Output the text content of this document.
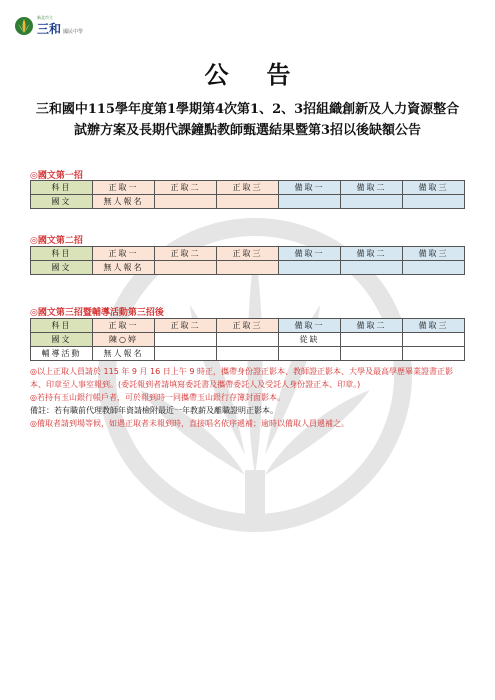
新北市立
三和 國民中學
公告
三和國中115學年度第1學期第4次第1、2、3招組織創新及人力資源整合試辦方案及長期代課鐘點教師甄選結果暨第3招以後缺額公告
◎國文第一招
科目	正取一	正取二	正取三	備取一	備取二	備取三
國文	無人報名					
◎國文第二招
科目	正取一	正取二	正取三	備取一	備取二	備取三
國文	無人報名					
◎國文第三招暨輔導活動第三招後
科目	正取一	正取二	正取三	備取一	備取二	備取三
國文	陳○婷			從缺		
輔導活動	無人報名					

◎以上正取人員請於 115 年 9 月 16 日上午 9 時正，攜帶身份證正影本、教師證正影本、大學及最高學歷畢業證書正影本、印章至人事室報到。(委託報到者請填寫委託書及攜帶委託人及受託人身份證正本、印章。)

◎若持有玉山銀行帳戶者，可於報到時一同攜帶玉山銀行存簿封面影本。

備註：若有職前代理教師年資請檢附最近一年教薪及離職證明正影本。

◎備取者請到場等候，如遇正取者未報到時，直接唱名依序遞補；逾時以備取人員遞補之。
